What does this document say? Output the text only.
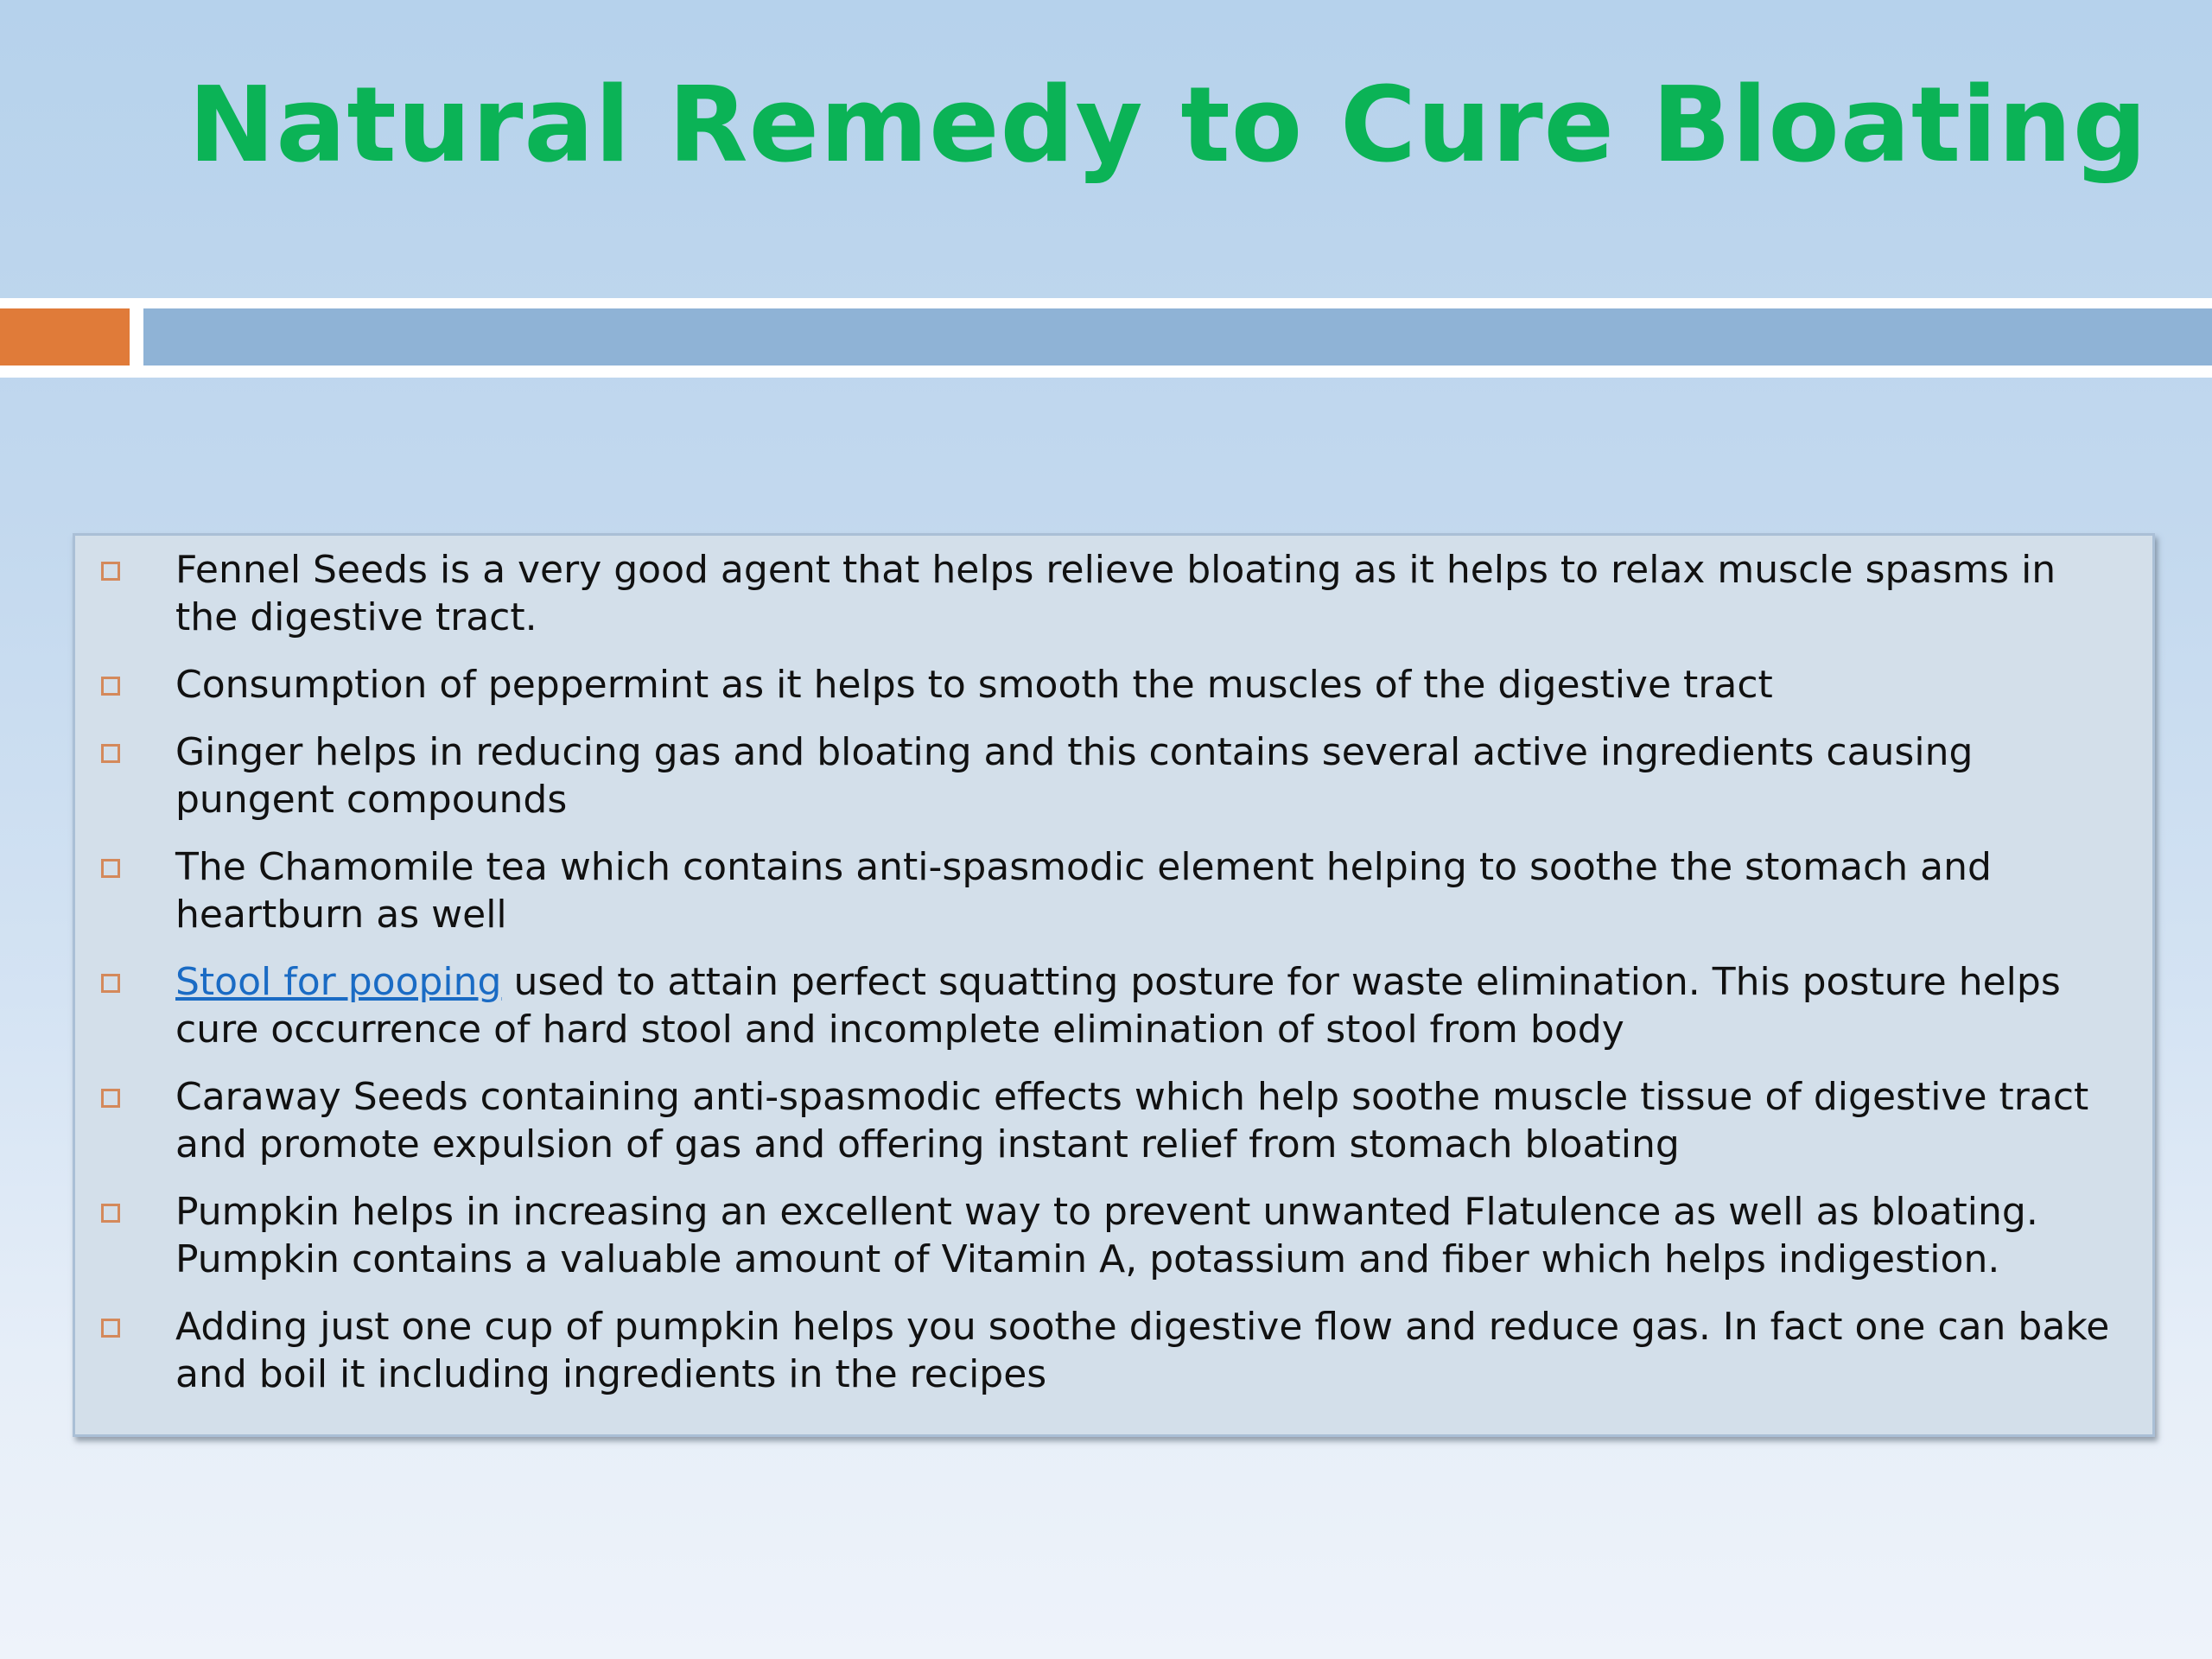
Natural Remedy to Cure Bloating
Fennel Seeds is a very good agent that helps relieve bloating as it helps to relax muscle spasms in the digestive tract.
Consumption of peppermint as it helps to smooth the muscles of the digestive tract
Ginger helps in reducing gas and bloating and this contains several active ingredients causing pungent compounds
The Chamomile tea which contains anti-spasmodic element helping to soothe the stomach and heartburn as well
Stool for pooping used to attain perfect squatting posture for waste elimination. This posture helps cure occurrence of hard stool and incomplete elimination of stool from body
Caraway Seeds containing anti-spasmodic effects which help soothe muscle tissue of digestive tract and promote expulsion of gas and offering instant relief from stomach bloating
Pumpkin helps in increasing an excellent way to prevent unwanted Flatulence as well as bloating. Pumpkin contains a valuable amount of Vitamin A, potassium and fiber which helps indigestion.
Adding just one cup of pumpkin helps you soothe digestive flow and reduce gas. In fact one can bake and boil it including ingredients in the recipes
